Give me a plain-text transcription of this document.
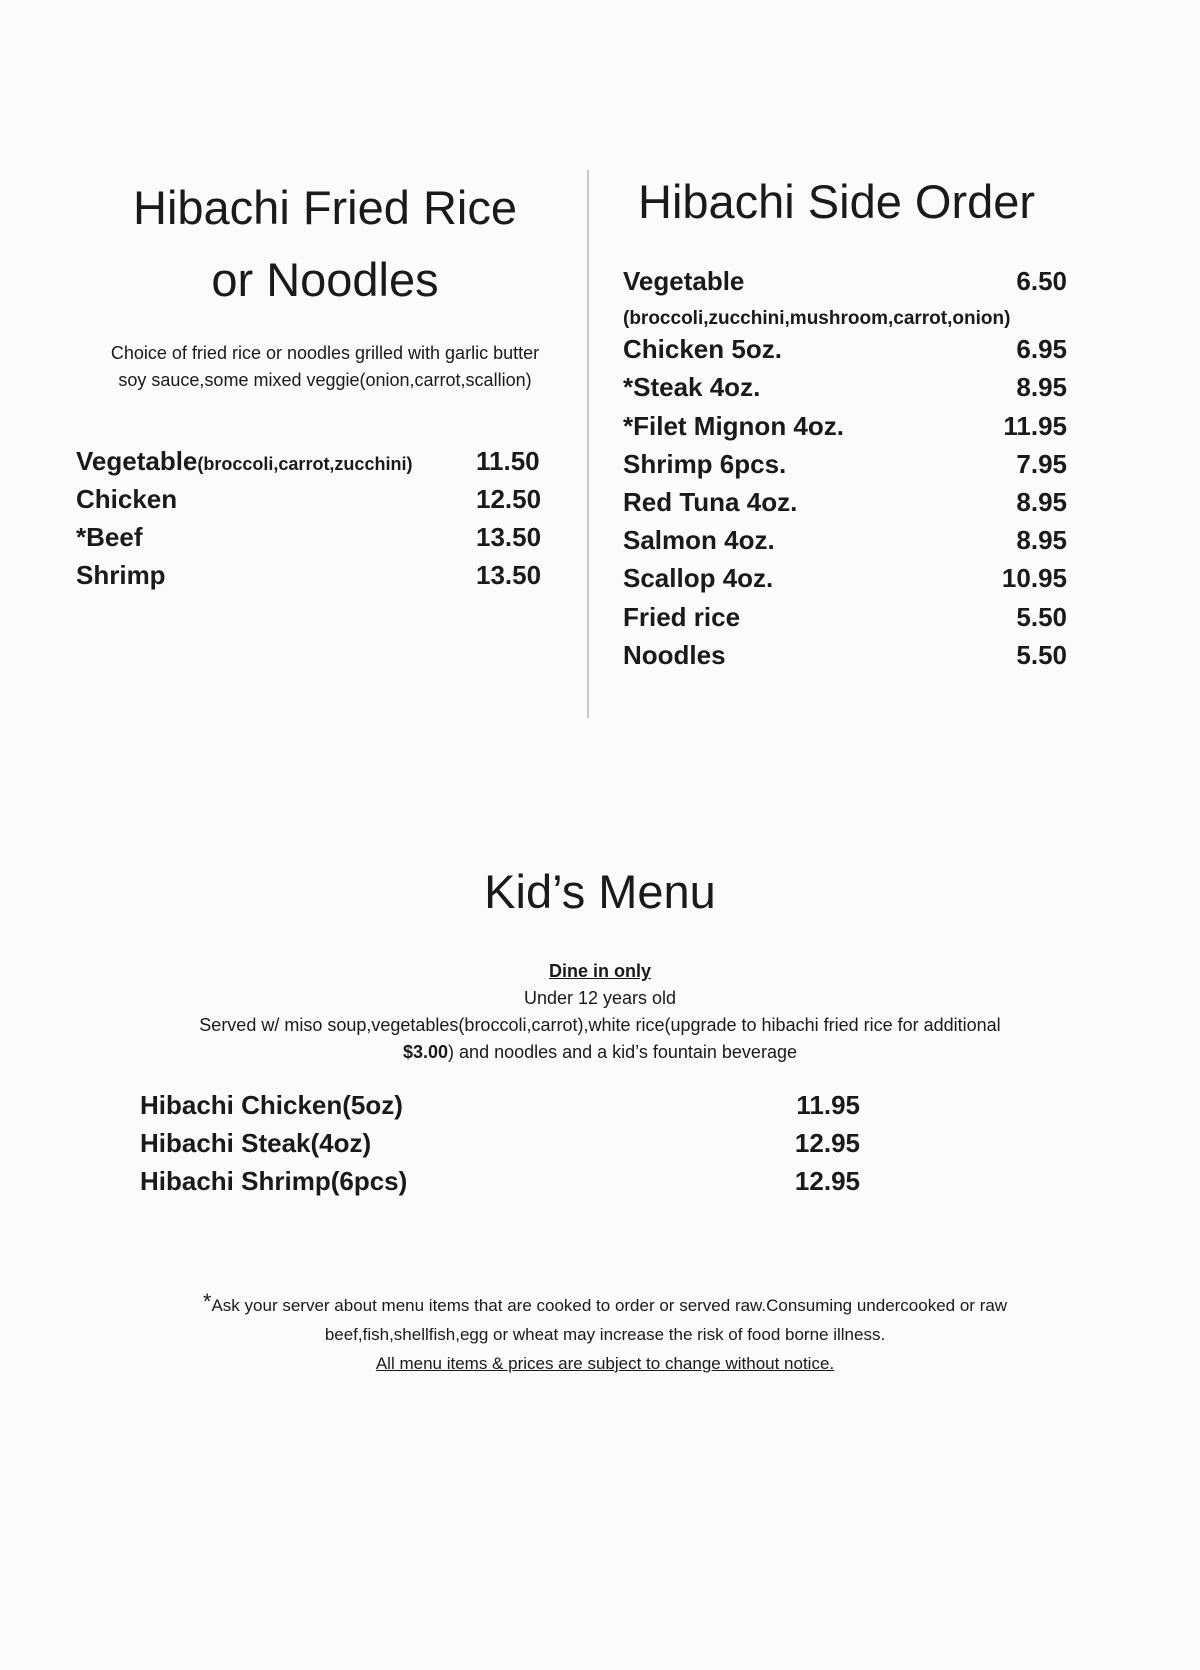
Hibachi Fried Rice
or Noodles
Choice of fried rice or noodles grilled with garlic butter soy sauce,some mixed veggie(onion,carrot,scallion)
Vegetable(broccoli,carrot,zucchini) 11.50
Chicken	12.50
*Beef	13.50
Shrimp	13.50
Hibachi Side Order
Vegetable	6.50
(broccoli,zucchini,mushroom,carrot,onion)
Chicken 5oz.	6.95
*Steak 4oz.	8.95
*Filet Mignon 4oz.	11.95
Shrimp 6pcs.	7.95
Red Tuna 4oz.	8.95
Salmon 4oz.	8.95
Scallop 4oz.	10.95
Fried rice	5.50
Noodles	5.50
Kid’s Menu
Dine in only
Under 12 years old
Served w/ miso soup,vegetables(broccoli,carrot),white rice(upgrade to hibachi fried rice for additional
$3.00) and noodles and a kid’s fountain beverage
Hibachi Chicken(5oz)	11.95
Hibachi Steak(4oz)	12.95
Hibachi Shrimp(6pcs)	12.95
*Ask your server about menu items that are cooked to order or served raw.Consuming undercooked or raw
beef,fish,shellfish,egg or wheat may increase the risk of food borne illness.
All menu items & prices are subject to change without notice.
